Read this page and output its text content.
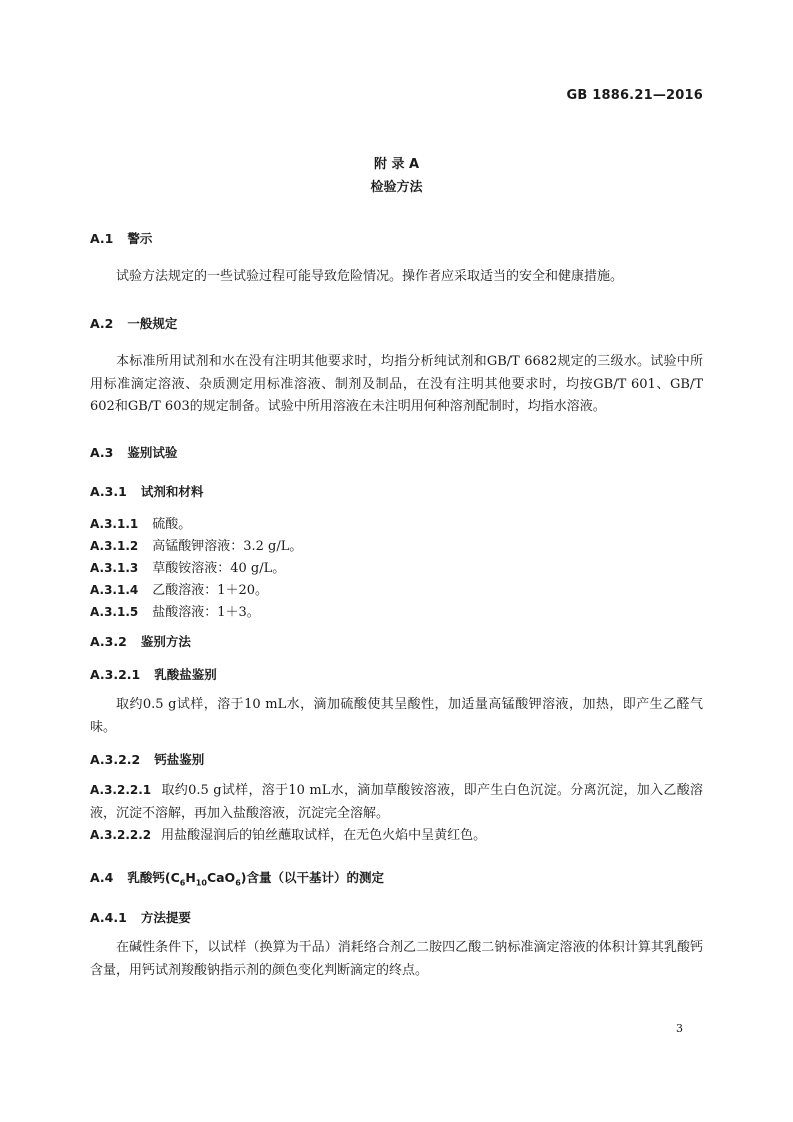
GB 1886.21—2016
附 录 A
检验方法
A.1 警示
试验方法规定的一些试验过程可能导致危险情况。操作者应采取适当的安全和健康措施。
A.2 一般规定
本标准所用试剂和水在没有注明其他要求时，均指分析纯试剂和GB/T 6682规定的三级水。试验中所用标准滴定溶液、杂质测定用标准溶液、制剂及制品，在没有注明其他要求时，均按GB/T 601、GB/T 602和GB/T 603的规定制备。试验中所用溶液在未注明用何种溶剂配制时，均指水溶液。
A.3 鉴别试验
A.3.1 试剂和材料
A.3.1.1 硫酸。
A.3.1.2 高锰酸钾溶液：3.2 g/L。
A.3.1.3 草酸铵溶液：40 g/L。
A.3.1.4 乙酸溶液：1＋20。
A.3.1.5 盐酸溶液：1＋3。
A.3.2 鉴别方法
A.3.2.1 乳酸盐鉴别
取约0.5 g试样，溶于10 mL水，滴加硫酸使其呈酸性，加适量高锰酸钾溶液，加热，即产生乙醛气味。
A.3.2.2 钙盐鉴别
A.3.2.2.1 取约0.5 g试样，溶于10 mL水，滴加草酸铵溶液，即产生白色沉淀。分离沉淀，加入乙酸溶液，沉淀不溶解，再加入盐酸溶液，沉淀完全溶解。
A.3.2.2.2 用盐酸湿润后的铂丝蘸取试样，在无色火焰中呈黄红色。
A.4 乳酸钙$(C_6H_{10}CaO_6)$含量（以干基计）的测定
A.4.1 方法提要
在碱性条件下，以试样（换算为干品）消耗络合剂乙二胺四乙酸二钠标准滴定溶液的体积计算其乳酸钙含量，用钙试剂羧酸钠指示剂的颜色变化判断滴定的终点。
3
